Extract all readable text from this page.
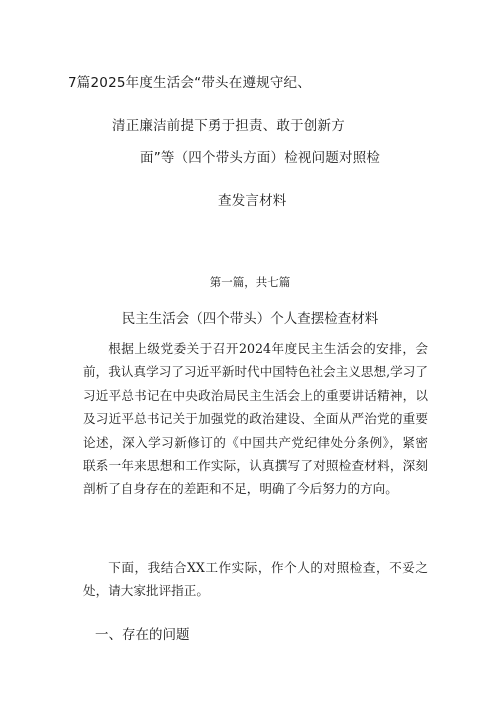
7篇2025年度生活会“带头在遵规守纪、
清正廉洁前提下勇于担责、敢于创新方
面”等（四个带头方面）检视问题对照检
查发言材料
第一篇，共七篇
民主生活会（四个带头）个人查摆检查材料

根据上级党委关于召开2024年度民主生活会的安排，会前，我认真学习了习近平新时代中国特色社会主义思想,学习了习近平总书记在中央政治局民主生活会上的重要讲话精神，以及习近平总书记关于加强党的政治建设、全面从严治党的重要论述，深入学习新修订的《中国共产党纪律处分条例》，紧密联系一年来思想和工作实际，认真撰写了对照检查材料，深刻剖析了自身存在的差距和不足，明确了今后努力的方向。

下面，我结合XX工作实际，作个人的对照检查，不妥之处，请大家批评指正。

一、存在的问题
